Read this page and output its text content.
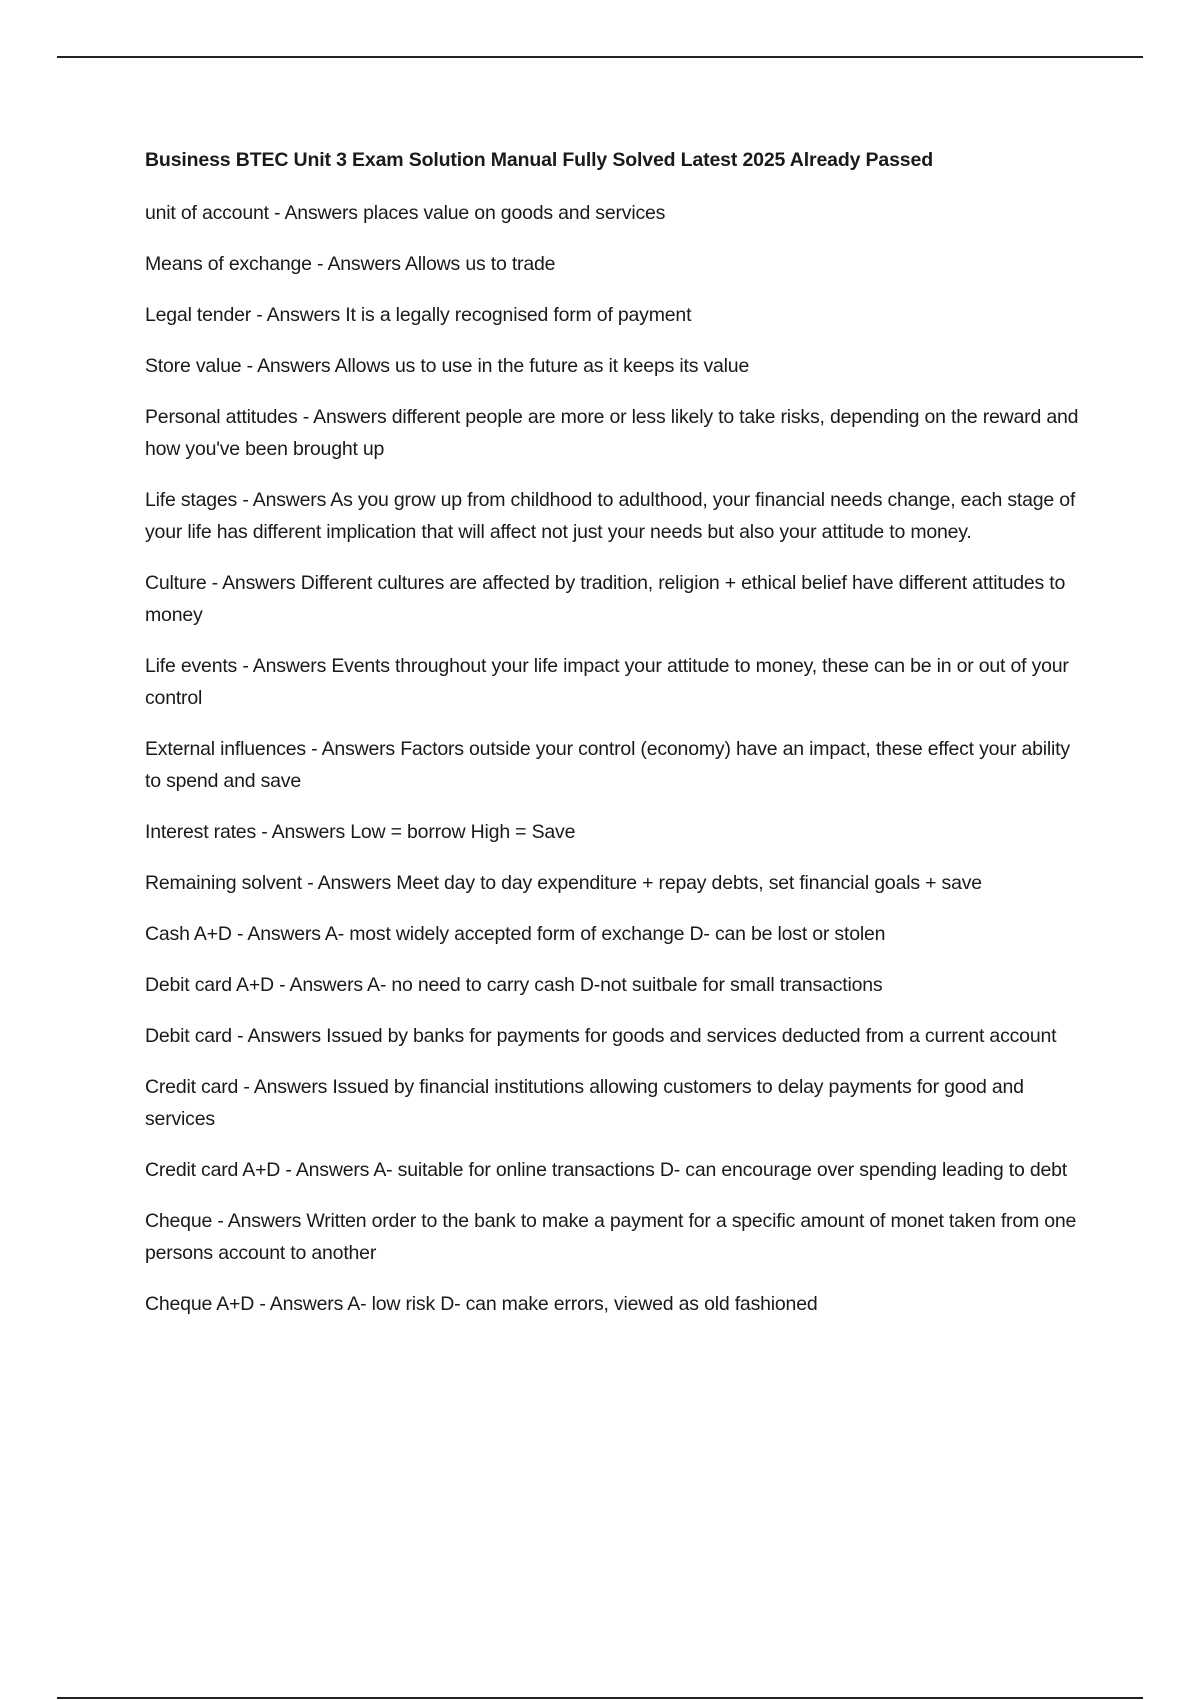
Business BTEC Unit 3 Exam Solution Manual Fully Solved Latest 2025 Already Passed
unit of account - Answers places value on goods and services
Means of exchange - Answers Allows us to trade
Legal tender - Answers It is a legally recognised form of payment
Store value - Answers Allows us to use in the future as it keeps its value
Personal attitudes - Answers different people are more or less likely to take risks, depending on the reward and how you've been brought up
Life stages - Answers As you grow up from childhood to adulthood, your financial needs change, each stage of your life has different implication that will affect not just your needs but also your attitude to money.
Culture - Answers Different cultures are affected by tradition, religion + ethical belief have different attitudes to money
Life events - Answers Events throughout your life impact your attitude to money, these can be in or out of your control
External influences - Answers Factors outside your control (economy) have an impact, these effect your ability to spend and save
Interest rates - Answers Low = borrow High = Save
Remaining solvent - Answers Meet day to day expenditure + repay debts, set financial goals + save
Cash A+D - Answers A- most widely accepted form of exchange D- can be lost or stolen
Debit card A+D - Answers A- no need to carry cash D-not suitbale for small transactions
Debit card - Answers Issued by banks for payments for goods and services deducted from a current account
Credit card - Answers Issued by financial institutions allowing customers to delay payments for good and services
Credit card A+D - Answers A- suitable for online transactions D- can encourage over spending leading to debt
Cheque - Answers Written order to the bank to make a payment for a specific amount of monet taken from one persons account to another
Cheque A+D - Answers A- low risk D- can make errors, viewed as old fashioned
